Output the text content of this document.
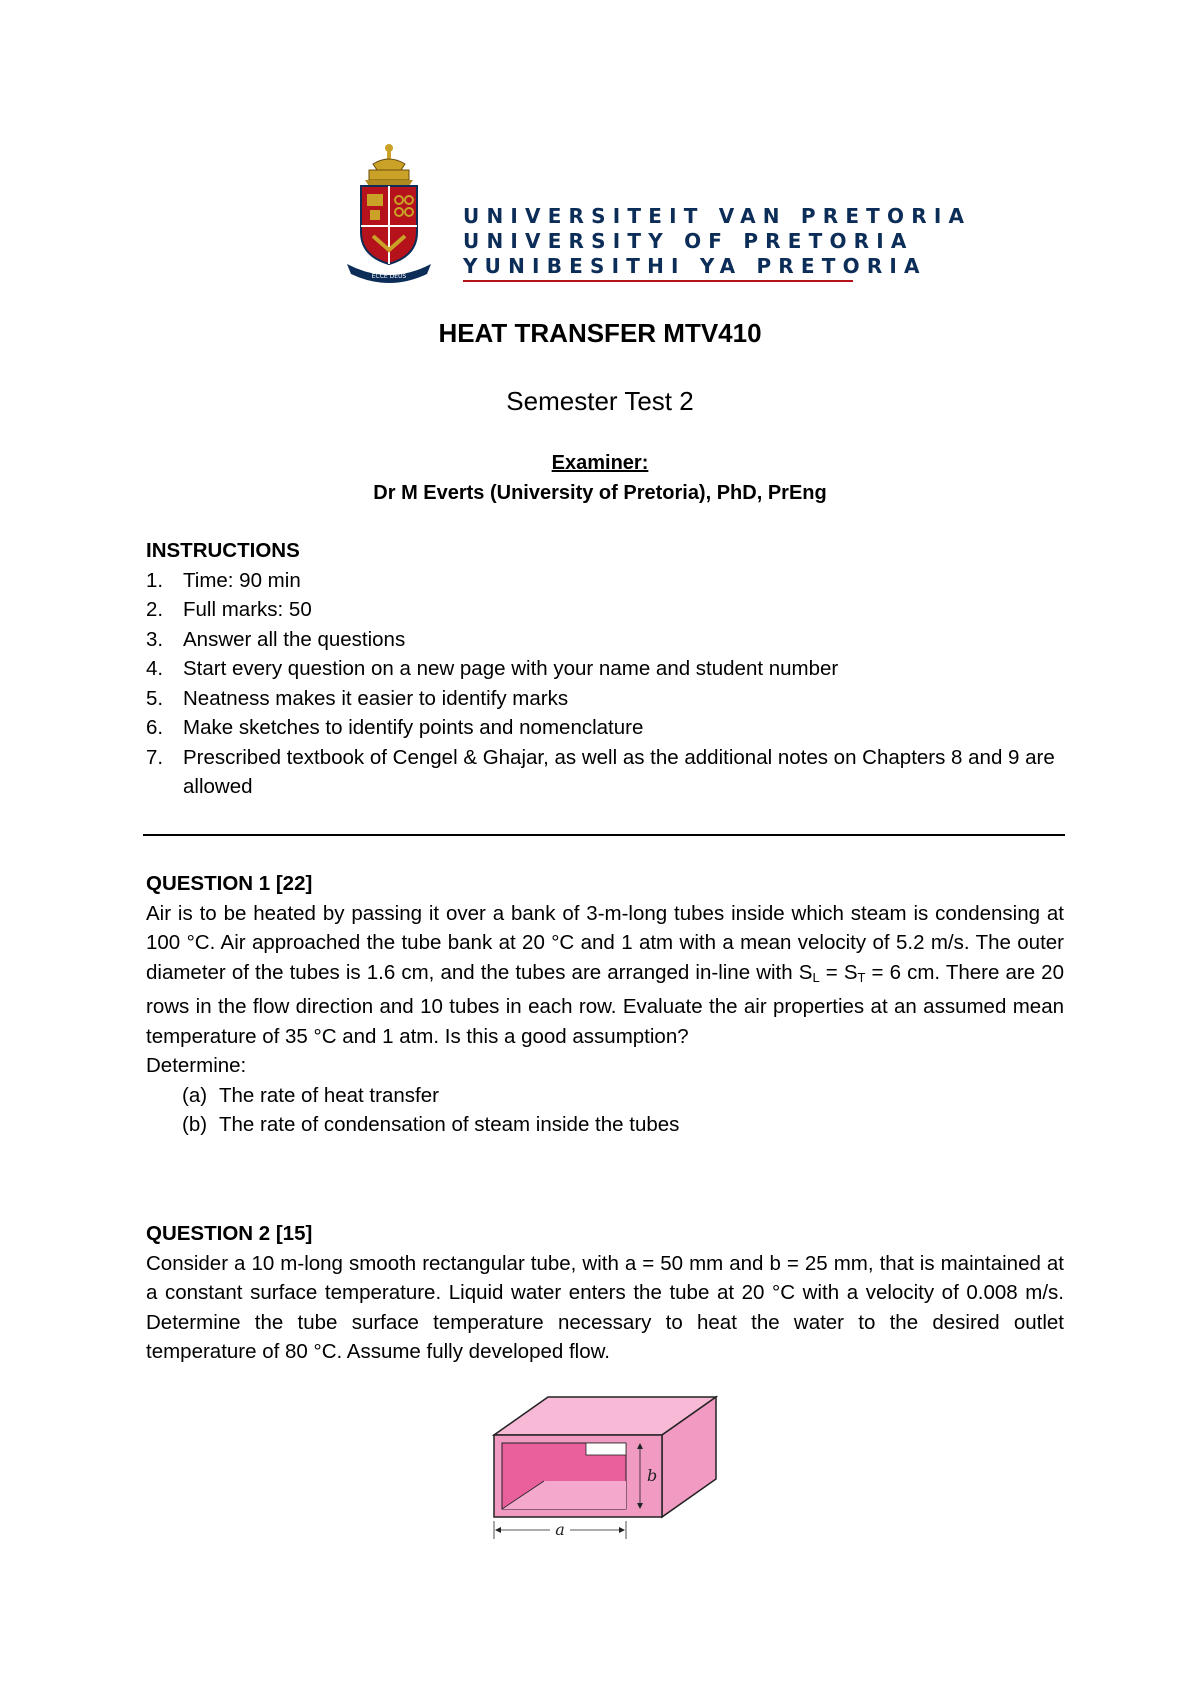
ECCE DEUS
UNIVERSITEIT VAN PRETORIA
UNIVERSITY OF PRETORIA
YUNIBESITHI YA PRETORIA
HEAT TRANSFER MTV410
Semester Test 2
Examiner:
Dr M Everts (University of Pretoria), PhD, PrEng
INSTRUCTIONS
1. Time: 90 min
2. Full marks: 50
3. Answer all the questions
4. Start every question on a new page with your name and student number
5. Neatness makes it easier to identify marks
6. Make sketches to identify points and nomenclature
7. Prescribed textbook of Cengel & Ghajar, as well as the additional notes on Chapters 8 and 9 are allowed
QUESTION 1 [22]
Air is to be heated by passing it over a bank of 3-m-long tubes inside which steam is condensing at 100 °C. Air approached the tube bank at 20 °C and 1 atm with a mean velocity of 5.2 m/s. The outer diameter of the tubes is 1.6 cm, and the tubes are arranged in-line with $S_L = S_T = 6$ cm. There are 20 rows in the flow direction and 10 tubes in each row. Evaluate the air properties at an assumed mean temperature of 35 °C and 1 atm. Is this a good assumption?
Determine:
(a) The rate of heat transfer
(b) The rate of condensation of steam inside the tubes
QUESTION 2 [15]
Consider a 10 m-long smooth rectangular tube, with a = 50 mm and b = 25 mm, that is maintained at a constant surface temperature. Liquid water enters the tube at 20 °C with a velocity of 0.008 m/s. Determine the tube surface temperature necessary to heat the water to the desired outlet temperature of 80 °C. Assume fully developed flow.
b
a
